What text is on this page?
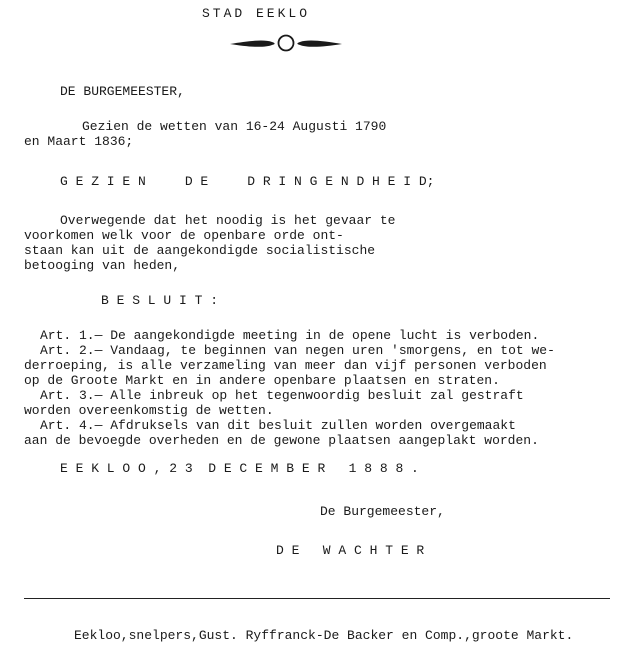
STAD EEKLO
DE BURGEMEESTER,
Gezien de wetten van 16-24 Augusti 1790
en Maart 1836;
G E Z I E N     D E     D R I N G E N D H E I D;
Overwegende dat het noodig is het gevaar te
voorkomen welk voor de openbare orde ont-
staan kan uit de aangekondigde socialistische
betooging van heden,
B E S L U I T :
Art. 1.— De aangekondigde meeting in de opene lucht is verboden.
Art. 2.— Vandaag, te beginnen van negen uren 'smorgens, en tot we-
derroeping, is alle verzameling van meer dan vijf personen verboden
op de Groote Markt en in andere openbare plaatsen en straten.
Art. 3.— Alle inbreuk op het tegenwoordig besluit zal gestraft
worden overeenkomstig de wetten.
Art. 4.— Afdruksels van dit besluit zullen worden overgemaakt
aan de bevoegde overheden en de gewone plaatsen aangeplakt worden.
E E K L O O , 2 3  D E C E M B E R   1 8 8 8 .
De Burgemeester,
D E   W A C H T E R
Eekloo,snelpers,Gust. Ryffranck-De Backer en Comp.,groote Markt.
